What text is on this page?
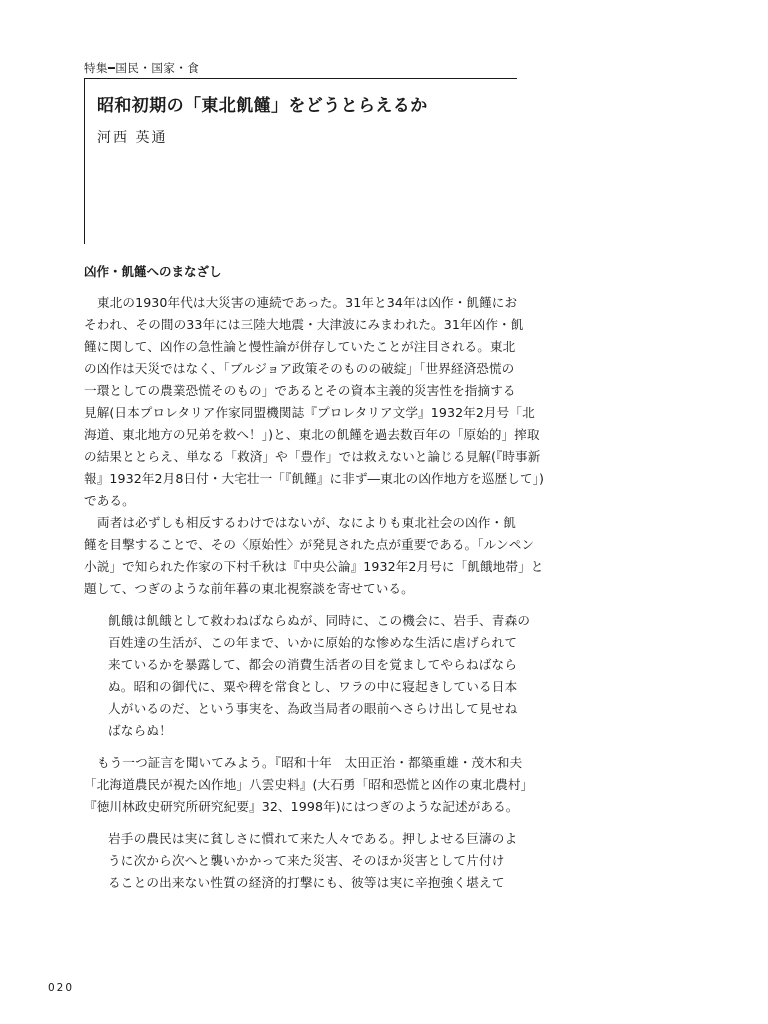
特集━国民・国家・食
昭和初期の「東北飢饉」をどうとらえるか
河西 英通
凶作・飢饉へのまなざし
東北の1930年代は大災害の連続であった。31年と34年は凶作・飢饉にお
そわれ、その間の33年には三陸大地震・大津波にみまわれた。31年凶作・飢
饉に関して、凶作の急性論と慢性論が併存していたことが注目される。東北
の凶作は天災ではなく、「ブルジョア政策そのものの破綻」「世界経済恐慌の
一環としての農業恐慌そのもの」であるとその資本主義的災害性を指摘する
見解(日本プロレタリア作家同盟機関誌『プロレタリア文学』1932年2月号「北
海道、東北地方の兄弟を救へ！」)と、東北の飢饉を過去数百年の「原始的」搾取
の結果ととらえ、単なる「救済」や「豊作」では救えないと論じる見解(『時事新
報』1932年2月8日付・大宅壮一「『飢饉』に非ず―東北の凶作地方を巡歴して」)
である。
両者は必ずしも相反するわけではないが、なによりも東北社会の凶作・飢
饉を目撃することで、その〈原始性〉が発見された点が重要である。「ルンペン
小説」で知られた作家の下村千秋は『中央公論』1932年2月号に「飢餓地帯」と
題して、つぎのような前年暮の東北視察談を寄せている。
飢餓は飢餓として救わねばならぬが、同時に、この機会に、岩手、青森の
百姓達の生活が、この年まで、いかに原始的な惨めな生活に虐げられて
来ているかを暴露して、都会の消費生活者の目を覚ましてやらねばなら
ぬ。昭和の御代に、粟や稗を常食とし、ワラの中に寝起きしている日本
人がいるのだ、という事実を、為政当局者の眼前へさらけ出して見せね
ばならぬ！
もう一つ証言を聞いてみよう。『昭和十年　太田正治・都築重雄・茂木和夫
「北海道農民が視た凶作地」八雲史料』(大石勇「昭和恐慌と凶作の東北農村」
『徳川林政史研究所研究紀要』32、1998年)にはつぎのような記述がある。
岩手の農民は実に貧しさに慣れて来た人々である。押しよせる巨濤のよ
うに次から次へと襲いかかって来た災害、そのほか災害として片付け
ることの出来ない性質の経済的打撃にも、彼等は実に辛抱強く堪えて
020
